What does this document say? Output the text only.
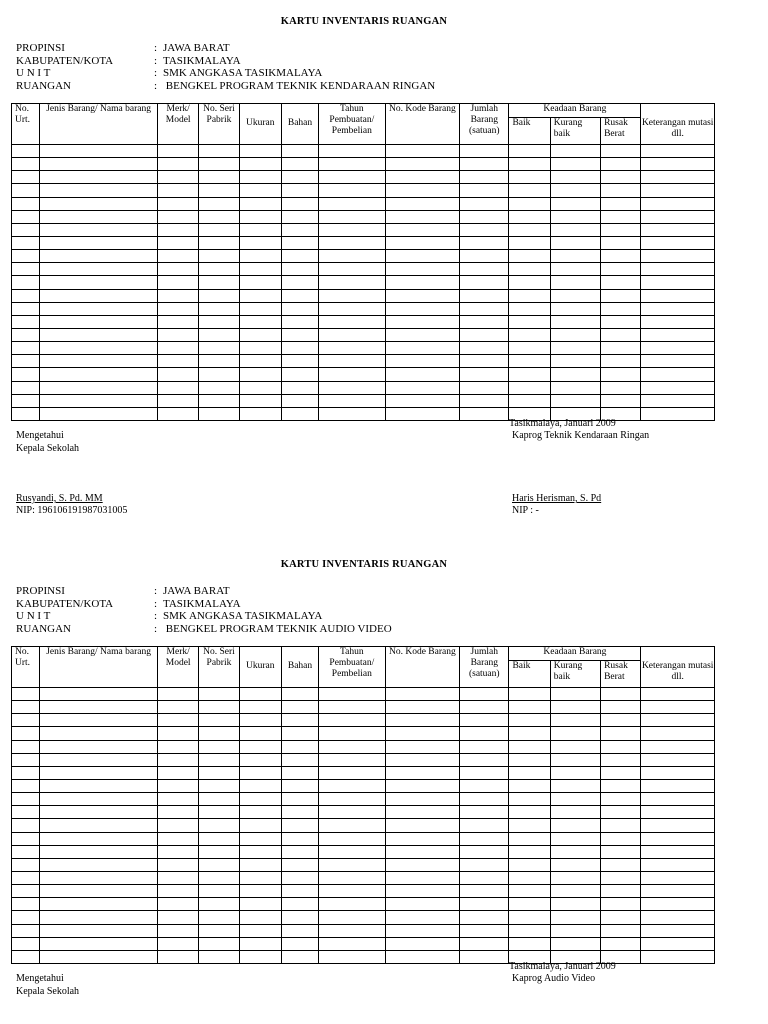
KARTU INVENTARIS RUANGAN
PROPINSI	: JAWA BARAT
KABUPATEN/KOTA	: TASIKMALAYA
U N I T	: SMK ANGKASA TASIKMALAYA
RUANGAN	: BENGKEL PROGRAM TEKNIK KENDARAAN RINGAN
No. Urt.	Jenis Barang/ Nama barang	Merk/ Model	No. Seri Pabrik	Ukuran	Bahan	Tahun Pembuatan/ Pembelian	No. Kode Barang	Jumlah Barang (satuan)	Keadaan Barang			Keterangan mutasi dll.
									Baik	Kurang baik	Rusak Berat	

Tasikmalaya, Januari 2009
Kaprog Teknik Kendaraan Ringan
Mengetahui
Kepala Sekolah
Rusyandi, S. Pd. MM
NIP: 196106191987031005
Haris Herisman, S. Pd
NIP : -
KARTU INVENTARIS RUANGAN
PROPINSI	: JAWA BARAT
KABUPATEN/KOTA	: TASIKMALAYA
U N I T	: SMK ANGKASA TASIKMALAYA
RUANGAN	: BENGKEL PROGRAM TEKNIK AUDIO VIDEO
No. Urt.	Jenis Barang/ Nama barang	Merk/ Model	No. Seri Pabrik	Ukuran	Bahan	Tahun Pembuatan/ Pembelian	No. Kode Barang	Jumlah Barang (satuan)	Keadaan Barang			Keterangan mutasi dll.
									Baik	Kurang baik	Rusak Berat	

Tasikmalaya, Januari 2009
Kaprog Audio Video
Mengetahui
Kepala Sekolah
